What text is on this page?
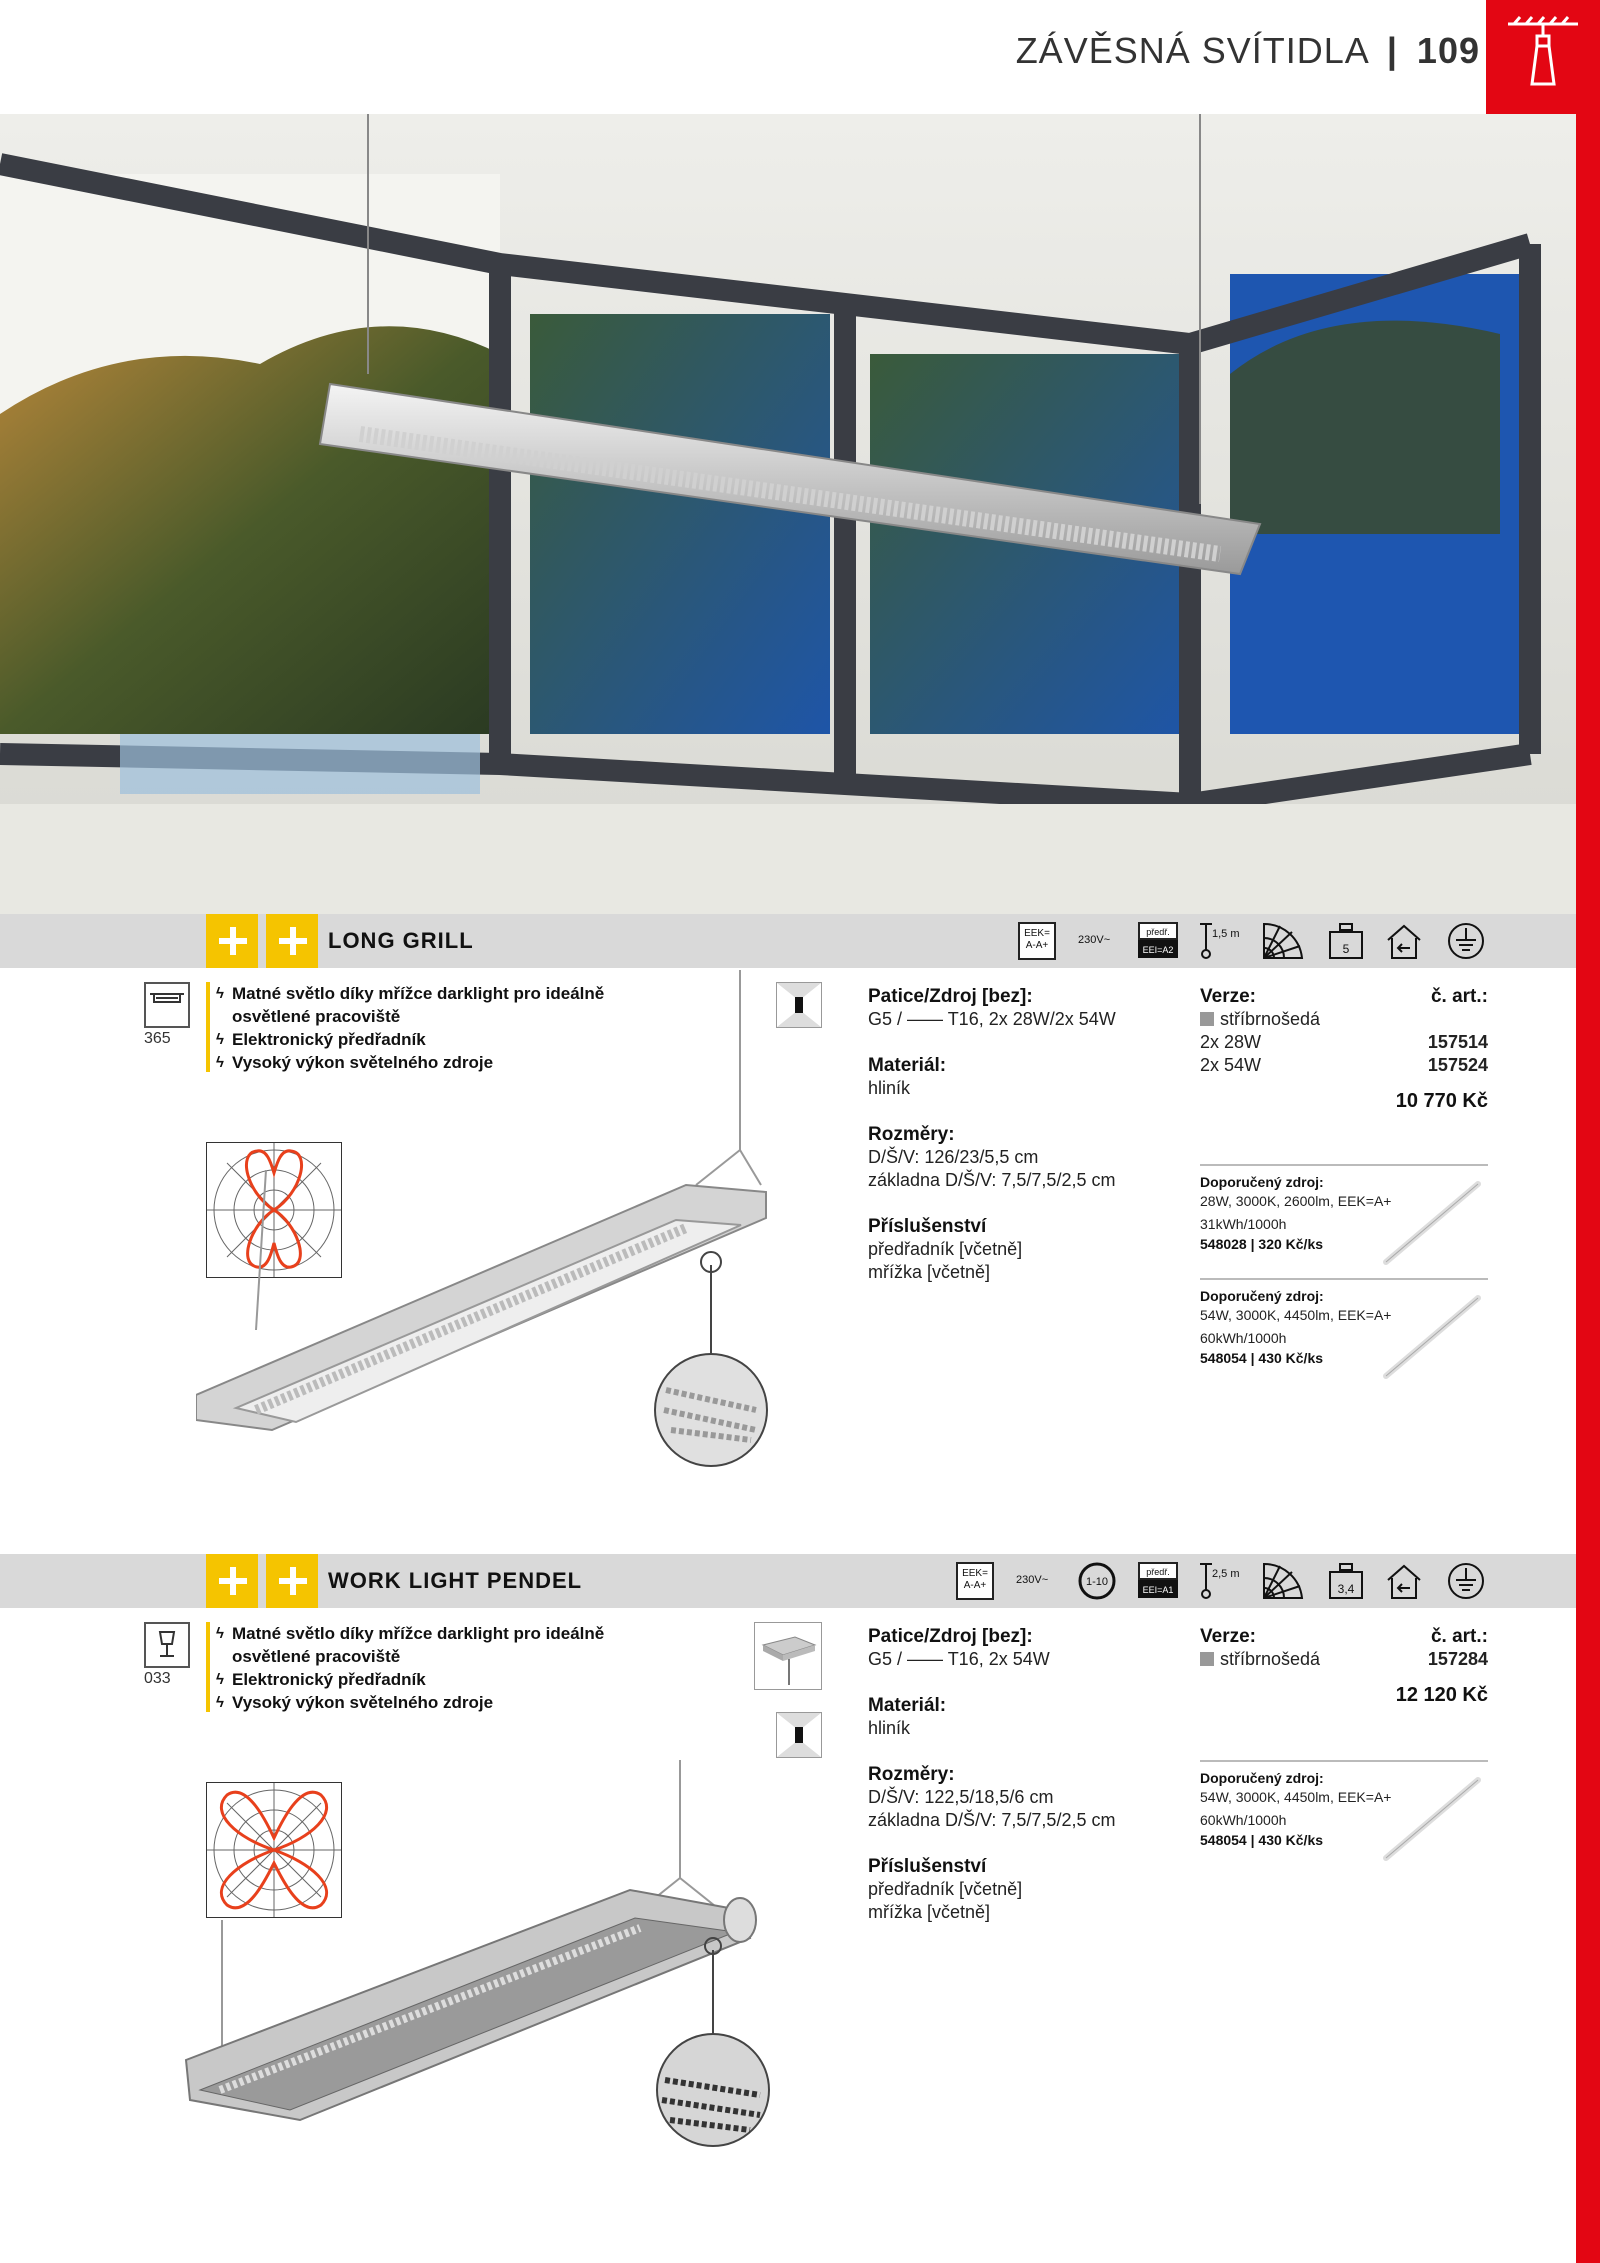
ZÁVĚSNÁ SVÍTIDLA | 109
LONG GRILL	EEK=
A-A+	230V~
předř.
EEI=A2
1,5 m
5
365
ϟ Matné světlo díky mřížce darklight pro ideálně osvětlené pracoviště
ϟ Elektronický předřadník
ϟ Vysoký výkon světelného zdroje
Patice/Zdroj [bez]:
G5 / —— T16, 2x 28W/2x 54W
Materiál:
hliník
Rozměry:
D/Š/V: 126/23/5,5 cm
základna D/Š/V: 7,5/7,5/2,5 cm
Příslušenství
předřadník [včetně]
mřížka [včetně]
Verze:	č. art.:
stříbrnošedá
2x 28W	157514
2x 54W	157524
10 770 Kč
Doporučený zdroj:
28W, 3000K, 2600lm, EEK=A+
31kWh/1000h
548028 | 320 Kč/ks
Doporučený zdroj:
54W, 3000K, 4450lm, EEK=A+
60kWh/1000h
548054 | 430 Kč/ks
WORK LIGHT PENDEL	EEK=
A-A+	230V~	1-10
předř.
EEI=A1
2,5 m
3,4
033
ϟ Matné světlo díky mřížce darklight pro ideálně osvětlené pracoviště
ϟ Elektronický předřadník
ϟ Vysoký výkon světelného zdroje
Patice/Zdroj [bez]:
G5 / —— T16, 2x 54W
Materiál:
hliník
Rozměry:
D/Š/V: 122,5/18,5/6 cm
základna D/Š/V: 7,5/7,5/2,5 cm
Příslušenství
předřadník [včetně]
mřížka [včetně]
Verze:	č. art.:
stříbrnošedá	157284
12 120 Kč
Doporučený zdroj:
54W, 3000K, 4450lm, EEK=A+
60kWh/1000h
548054 | 430 Kč/ks
